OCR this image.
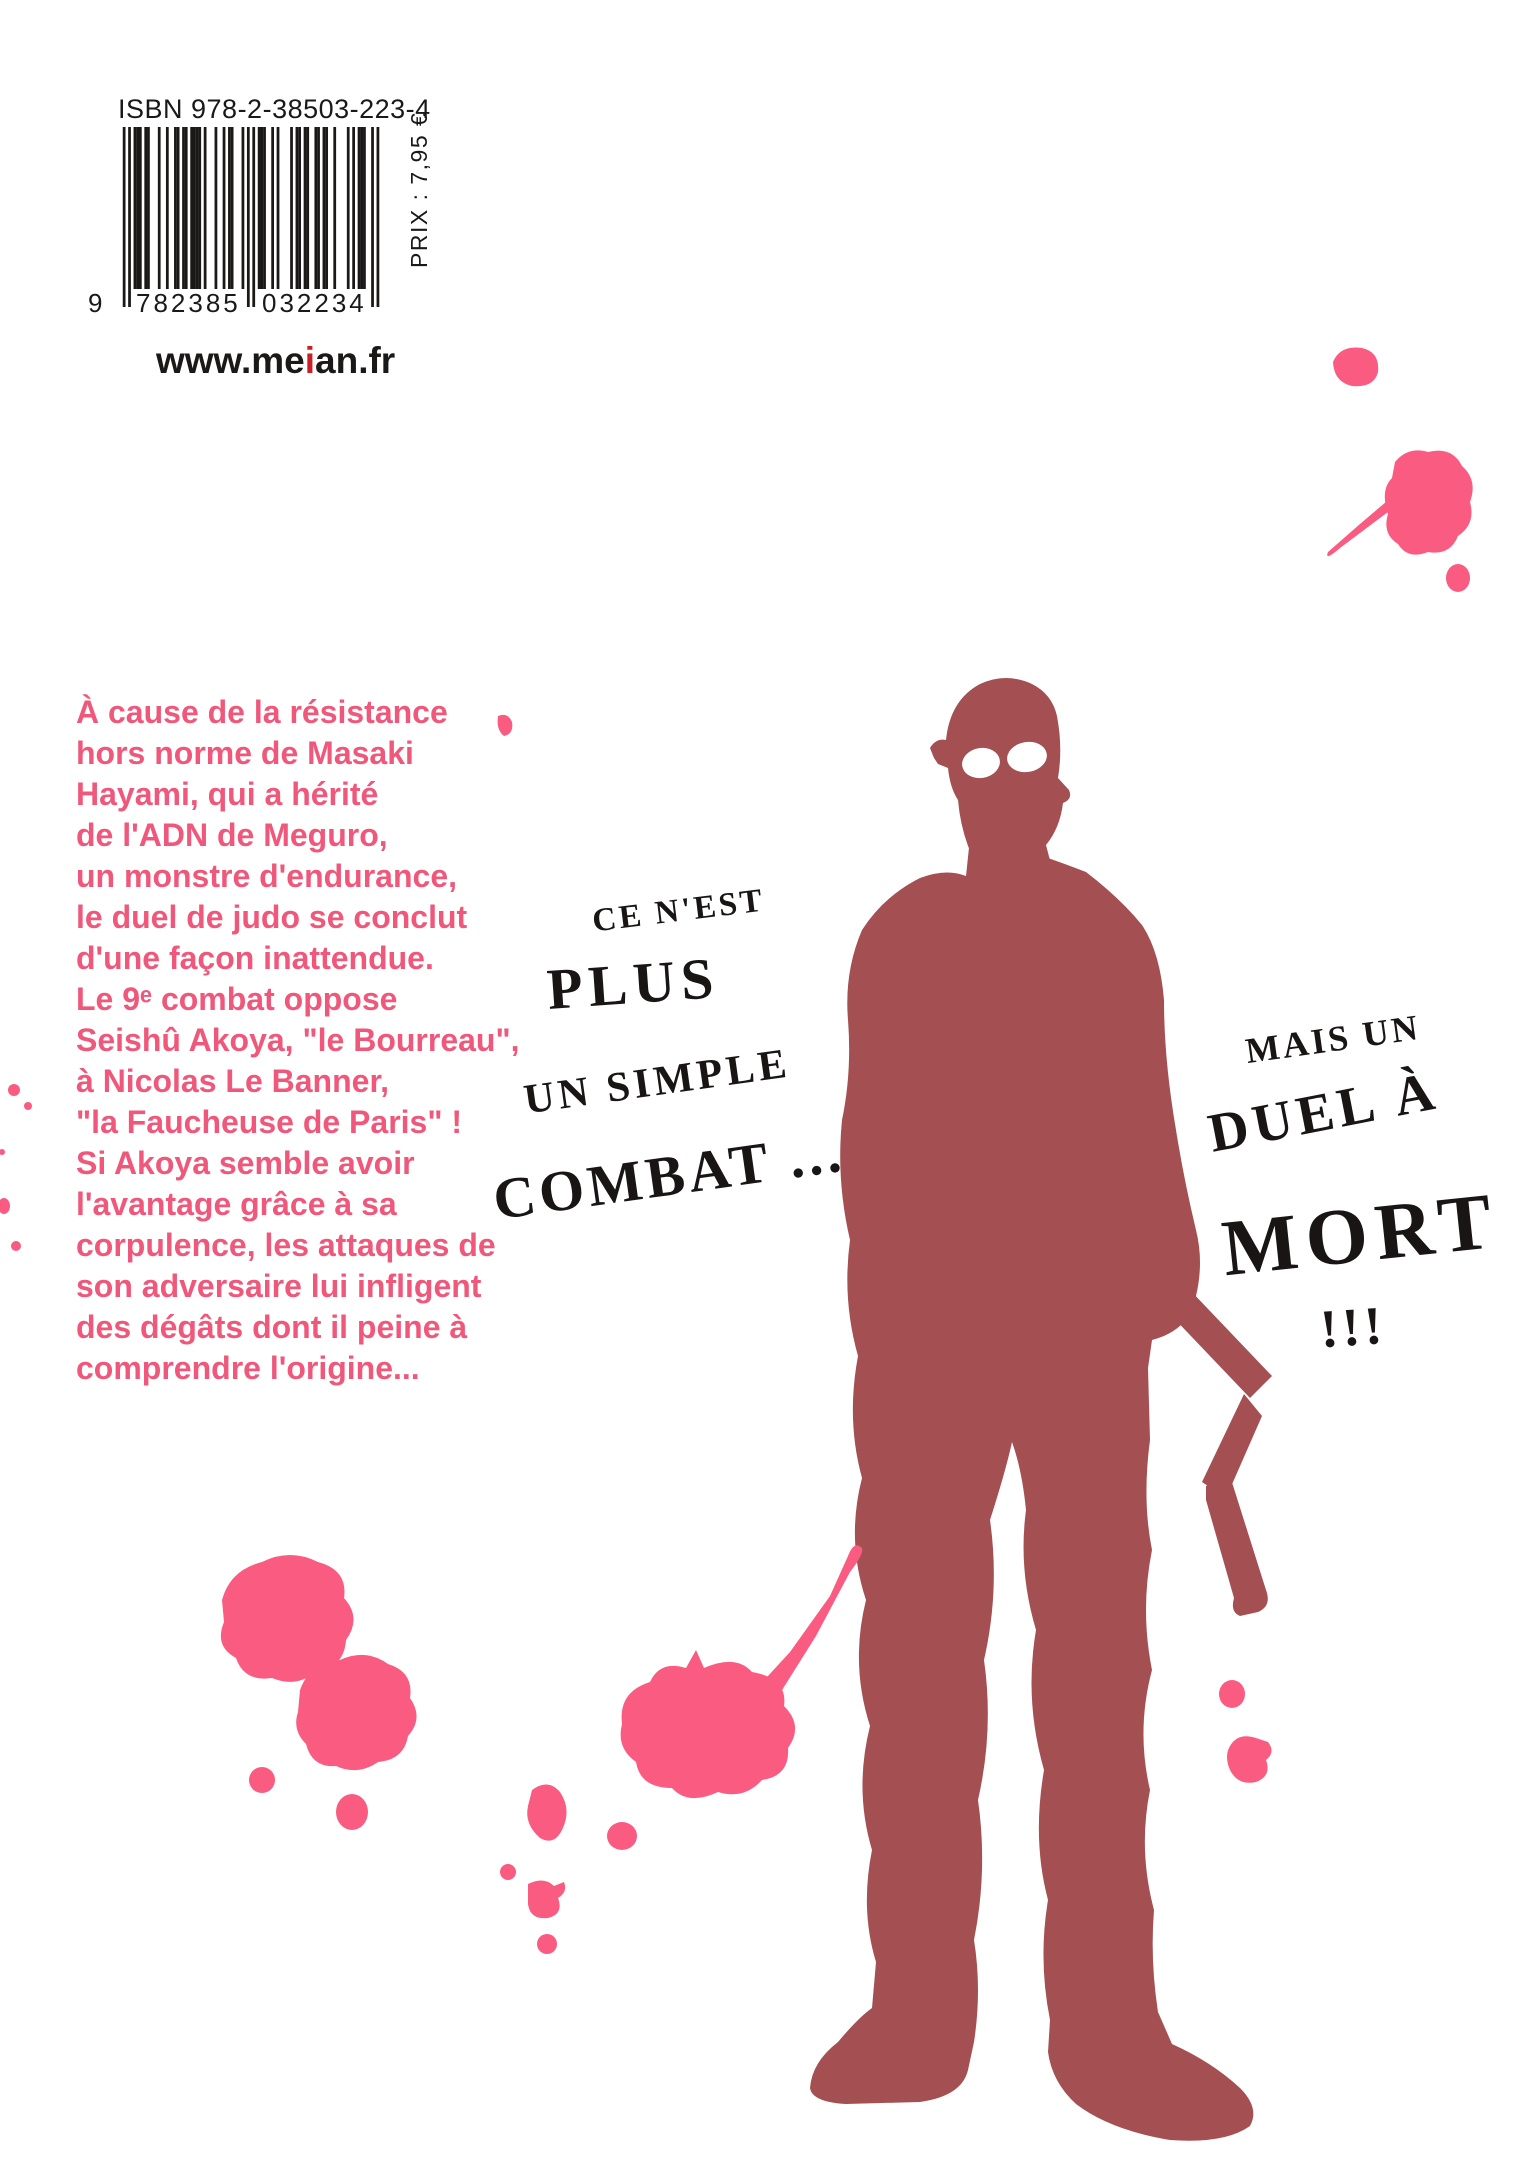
ISBN 978-2-38503-223-4
9 782385 032234
PRIX : 7,95 €
www.meian.fr
À cause de la résistance
hors norme de Masaki
Hayami, qui a hérité
de l'ADN de Meguro,
un monstre d'endurance,
le duel de judo se conclut
d'une façon inattendue.
Le 9ᵉ combat oppose
Seishû Akoya, "le Bourreau",
à Nicolas Le Banner,
"la Faucheuse de Paris" !
Si Akoya semble avoir
l'avantage grâce à sa
corpulence, les attaques de
son adversaire lui infligent
des dégâts dont il peine à
comprendre l'origine...
CE N'EST
PLUS
UN SIMPLE
COMBAT ...
MAIS UN
DUEL À
MORT
!!!
